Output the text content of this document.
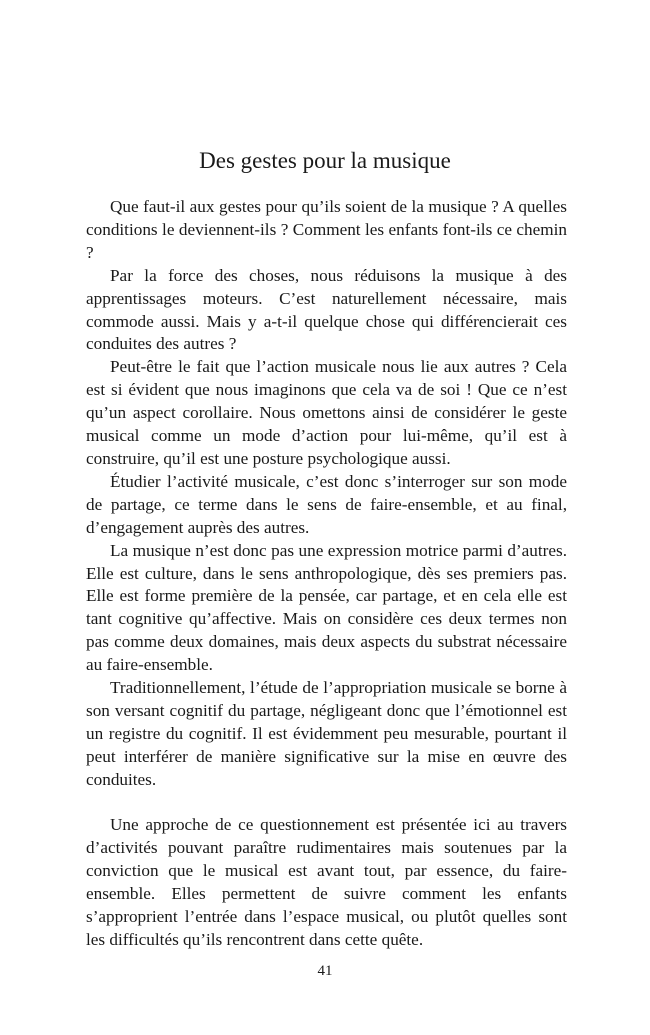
Des gestes pour la musique

Que faut-il aux gestes pour qu’ils soient de la musique ? A quelles conditions le deviennent-ils ? Comment les enfants font-ils ce chemin ?

Par la force des choses, nous réduisons la musique à des apprentissages moteurs. C’est naturellement nécessaire, mais commode aussi. Mais y a-t-il quelque chose qui différencierait ces conduites des autres ?

Peut-être le fait que l’action musicale nous lie aux autres ? Cela est si évident que nous imaginons que cela va de soi ! Que ce n’est qu’un aspect corollaire. Nous omettons ainsi de considérer le geste musical comme un mode d’action pour lui-même, qu’il est à construire, qu’il est une posture psychologique aussi.

Étudier l’activité musicale, c’est donc s’interroger sur son mode de partage, ce terme dans le sens de faire-ensemble, et au final, d’engagement auprès des autres.

La musique n’est donc pas une expression motrice parmi d’autres. Elle est culture, dans le sens anthropologique, dès ses premiers pas. Elle est forme première de la pensée, car partage, et en cela elle est tant cognitive qu’affective. Mais on considère ces deux termes non pas comme deux domaines, mais deux aspects du substrat nécessaire au faire-ensemble.

Traditionnellement, l’étude de l’appropriation musicale se borne à son versant cognitif du partage, négligeant donc que l’émotionnel est un registre du cognitif. Il est évidemment peu mesurable, pourtant il peut interférer de manière significative sur la mise en œuvre des conduites.

Une approche de ce questionnement est présentée ici au travers d’activités pouvant paraître rudimentaires mais soutenues par la conviction que le musical est avant tout, par essence, du faire-ensemble. Elles permettent de suivre comment les enfants s’approprient l’entrée dans l’espace musical, ou plutôt quelles sont les difficultés qu’ils rencontrent dans cette quête.

41
